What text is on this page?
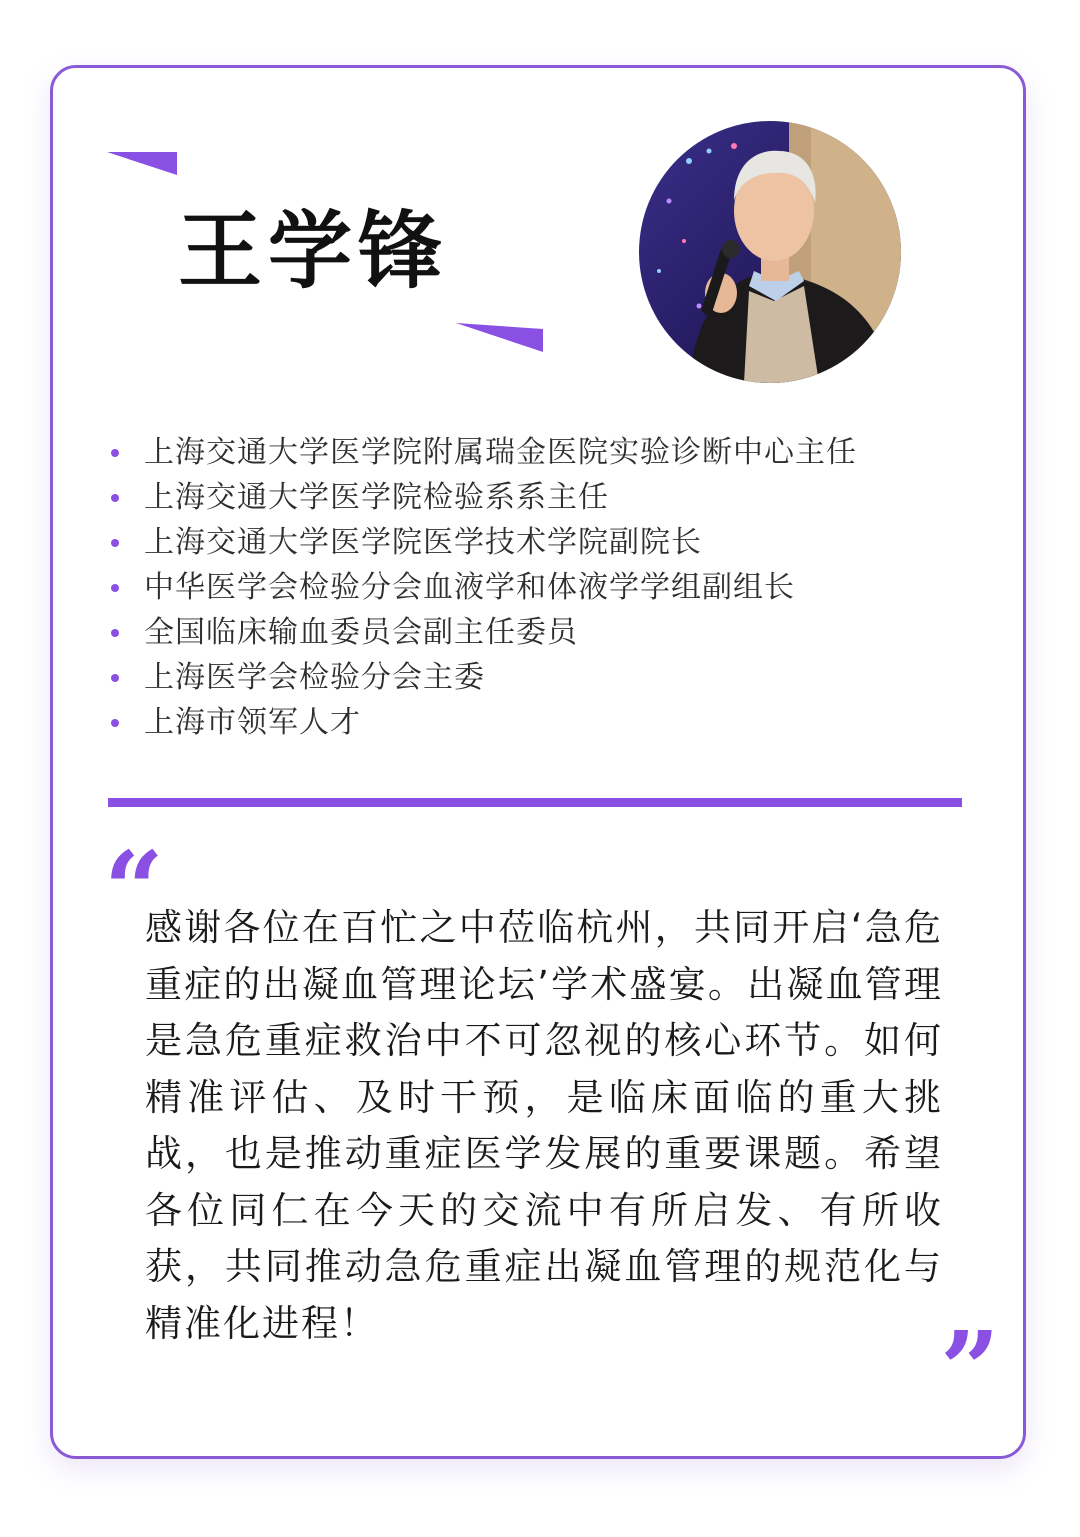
王学锋
上海交通大学医学院附属瑞金医院实验诊断中心主任
上海交通大学医学院检验系系主任
上海交通大学医学院医学技术学院副院长
中华医学会检验分会血液学和体液学学组副组长
全国临床输血委员会副主任委员
上海医学会检验分会主委
上海市领军人才
“

感谢各位在百忙之中莅临杭州，共同开启‘急危重症的出凝血管理论坛’学术盛宴。出凝血管理是急危重症救治中不可忽视的核心环节。如何精准评估、及时干预，是临床面临的重大挑战，也是推动重症医学发展的重要课题。希望各位同仁在今天的交流中有所启发、有所收获，共同推动急危重症出凝血管理的规范化与精准化进程！	”
